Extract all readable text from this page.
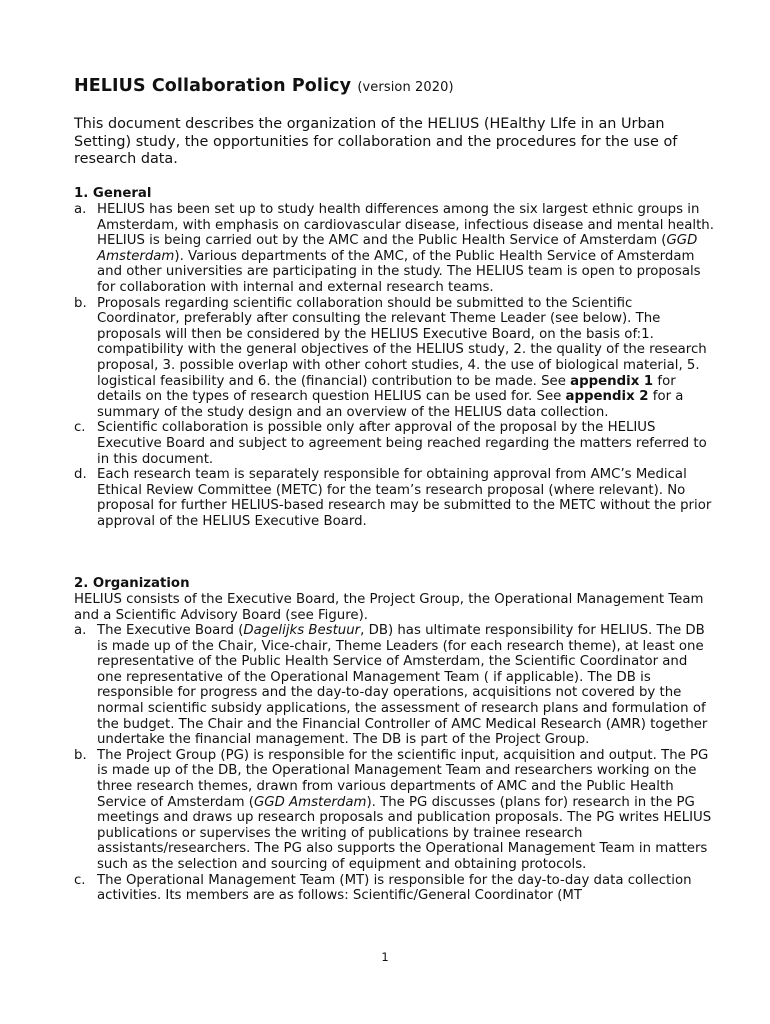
HELIUS Collaboration Policy (version 2020)

This document describes the organization of the HELIUS (HEalthy LIfe in an Urban Setting) study, the opportunities for collaboration and the procedures for the use of research data.

1. General
a. HELIUS has been set up to study health differences among the six largest ethnic groups in Amsterdam, with emphasis on cardiovascular disease, infectious disease and mental health. HELIUS is being carried out by the AMC and the Public Health Service of Amsterdam (GGD Amsterdam). Various departments of the AMC, of the Public Health Service of Amsterdam and other universities are participating in the study. The HELIUS team is open to proposals for collaboration with internal and external research teams.
b. Proposals regarding scientific collaboration should be submitted to the Scientific Coordinator, preferably after consulting the relevant Theme Leader (see below). The proposals will then be considered by the HELIUS Executive Board, on the basis of:1. compatibility with the general objectives of the HELIUS study, 2. the quality of the research proposal, 3. possible overlap with other cohort studies, 4. the use of biological material, 5. logistical feasibility and 6. the (financial) contribution to be made. See appendix 1 for details on the types of research question HELIUS can be used for. See appendix 2 for a summary of the study design and an overview of the HELIUS data collection.
c. Scientific collaboration is possible only after approval of the proposal by the HELIUS Executive Board and subject to agreement being reached regarding the matters referred to in this document.
d. Each research team is separately responsible for obtaining approval from AMC’s Medical Ethical Review Committee (METC) for the team’s research proposal (where relevant). No proposal for further HELIUS-based research may be submitted to the METC without the prior approval of the HELIUS Executive Board.
2. Organization

HELIUS consists of the Executive Board, the Project Group, the Operational Management Team and a Scientific Advisory Board (see Figure).

a. The Executive Board (Dagelijks Bestuur, DB) has ultimate responsibility for HELIUS. The DB is made up of the Chair, Vice-chair, Theme Leaders (for each research theme), at least one representative of the Public Health Service of Amsterdam, the Scientific Coordinator and one representative of the Operational Management Team ( if applicable). The DB is responsible for progress and the day-to-day operations, acquisitions not covered by the normal scientific subsidy applications, the assessment of research plans and formulation of the budget. The Chair and the Financial Controller of AMC Medical Research (AMR) together undertake the financial management. The DB is part of the Project Group.
b. The Project Group (PG) is responsible for the scientific input, acquisition and output. The PG is made up of the DB, the Operational Management Team and researchers working on the three research themes, drawn from various departments of AMC and the Public Health Service of Amsterdam (GGD Amsterdam). The PG discusses (plans for) research in the PG meetings and draws up research proposals and publication proposals. The PG writes HELIUS publications or supervises the writing of publications by trainee research assistants/researchers. The PG also supports the Operational Management Team in matters such as the selection and sourcing of equipment and obtaining protocols.
c. The Operational Management Team (MT) is responsible for the day-to-day data collection activities. Its members are as follows: Scientific/General Coordinator (MT
1
